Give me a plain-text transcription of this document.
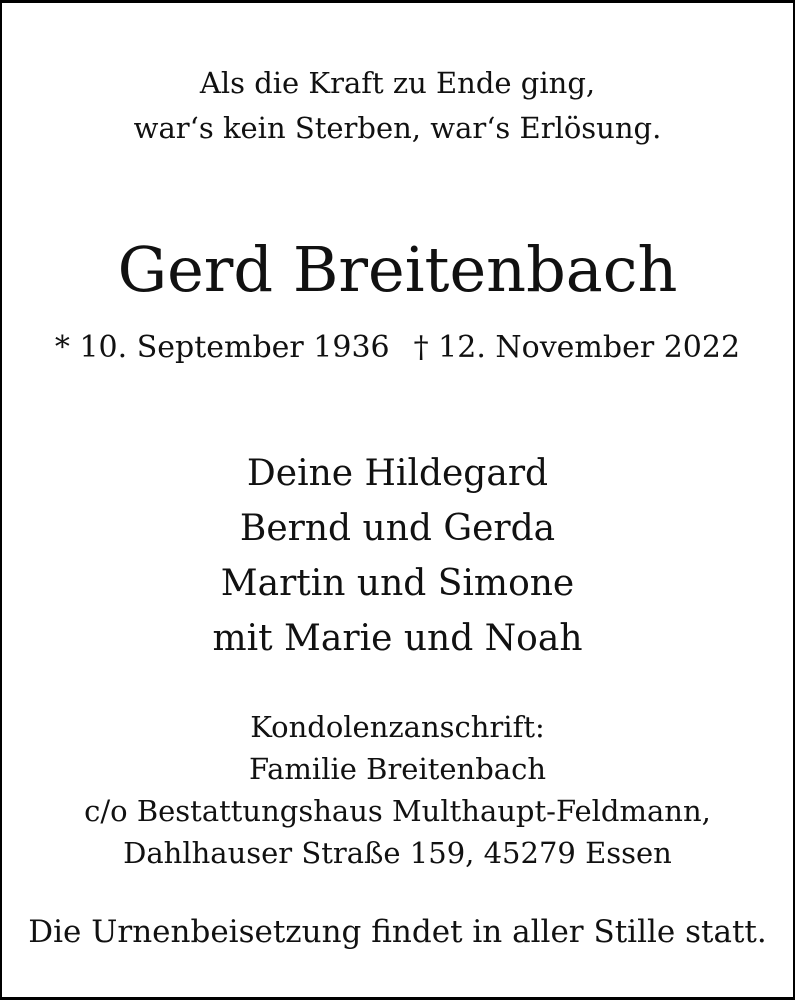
Als die Kraft zu Ende ging,
war‘s kein Sterben, war‘s Erlösung.
Gerd Breitenbach
* 10. September 1936 † 12. November 2022
Deine Hildegard
Bernd und Gerda
Martin und Simone
mit Marie und Noah
Kondolenzanschrift:
Familie Breitenbach
c/o Bestattungshaus Multhaupt-Feldmann,
Dahlhauser Straße 159, 45279 Essen
Die Urnenbeisetzung findet in aller Stille statt.
